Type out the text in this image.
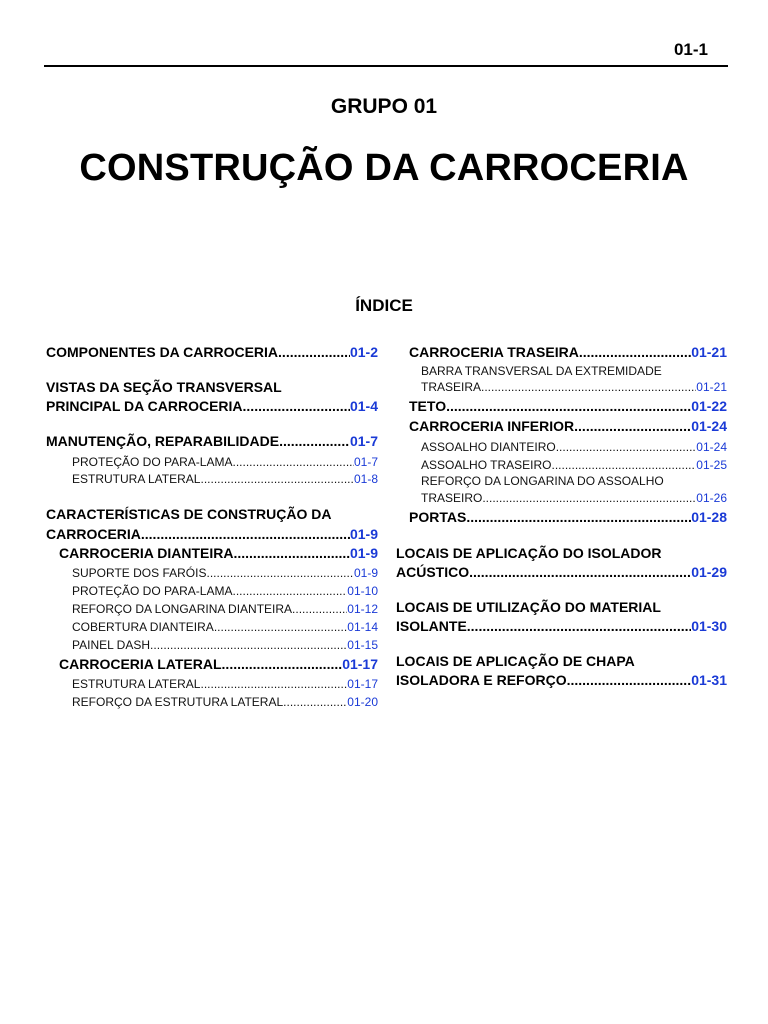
01-1
GRUPO 01
CONSTRUÇÃO DA CARROCERIA
ÍNDICE
COMPONENTES DA CARROCERIA .....	01-2
VISTAS DA SEÇÃO TRANSVERSAL
PRINCIPAL DA CARROCERIA .....	01-4
MANUTENÇÃO, REPARABILIDADE .....	01-7
PROTEÇÃO DO PARA-LAMA .....	01-7
ESTRUTURA LATERAL .....	01-8
CARACTERÍSTICAS DE CONSTRUÇÃO DA
CARROCERIA .....	01-9
CARROCERIA DIANTEIRA .....	01-9
SUPORTE DOS FARÓIS .....	01-9
PROTEÇÃO DO PARA-LAMA .....	01-10
REFORÇO DA LONGARINA DIANTEIRA .....	01-12
COBERTURA DIANTEIRA .....	01-14
PAINEL DASH .....	01-15
CARROCERIA LATERAL .....	01-17
ESTRUTURA LATERAL .....	01-17
REFORÇO DA ESTRUTURA LATERAL .....	01-20
CARROCERIA TRASEIRA .....	01-21
BARRA TRANSVERSAL DA EXTREMIDADE
TRASEIRA .....	01-21
TETO .....	01-22
CARROCERIA INFERIOR .....	01-24
ASSOALHO DIANTEIRO .....	01-24
ASSOALHO TRASEIRO .....	01-25
REFORÇO DA LONGARINA DO ASSOALHO
TRASEIRO .....	01-26
PORTAS .....	01-28
LOCAIS DE APLICAÇÃO DO ISOLADOR
ACÚSTICO .....	01-29
LOCAIS DE UTILIZAÇÃO DO MATERIAL
ISOLANTE .....	01-30
LOCAIS DE APLICAÇÃO DE CHAPA
ISOLADORA E REFORÇO .....	01-31
